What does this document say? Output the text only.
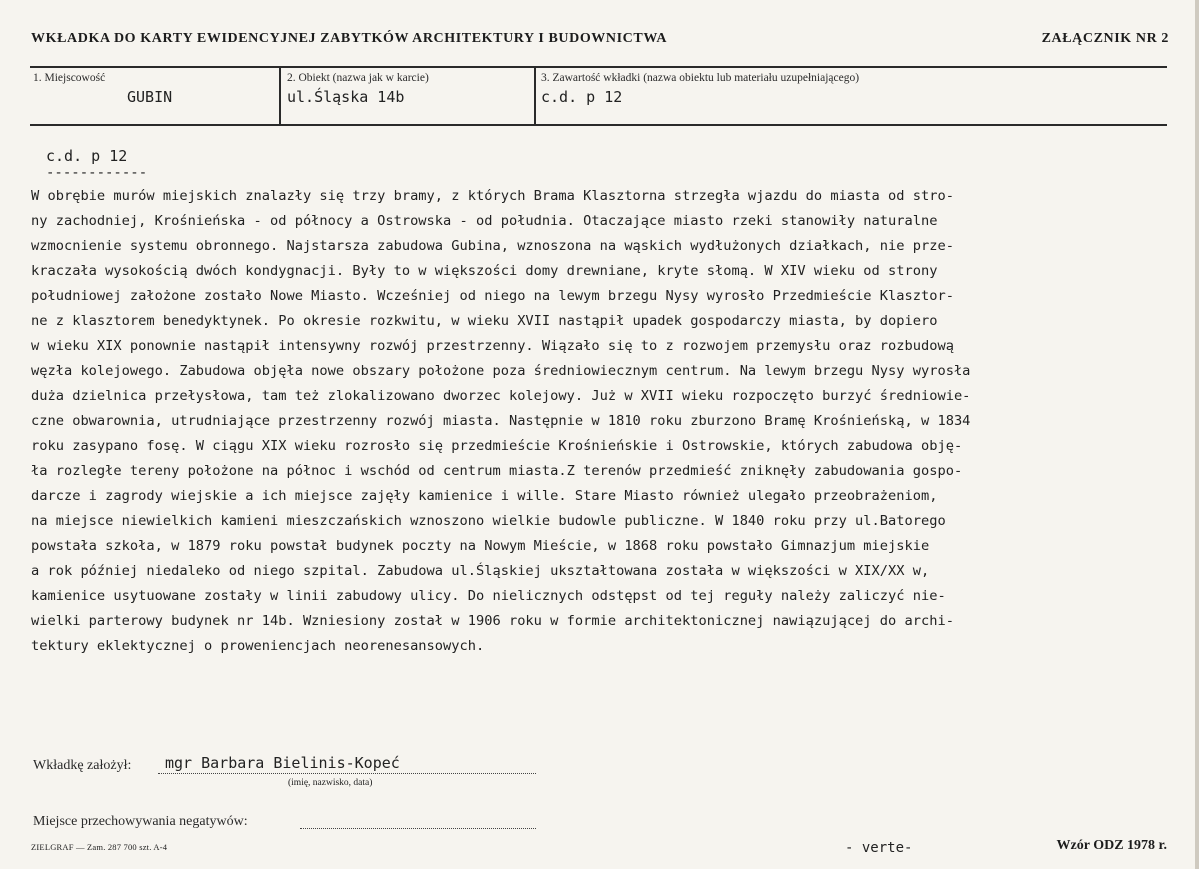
WKŁADKA DO KARTY EWIDENCYJNEJ ZABYTKÓW ARCHITEKTURY I BUDOWNICTWA	ZAŁĄCZNIK NR 2
1. Miejscowość	2. Obiekt (nazwa jak w karcie)	3. Zawartość wkładki (nazwa obiektu lub materiału uzupełniającego)
GUBIN	ul.Śląska 14b	c.d. p 12
c.d. p 12
------------
W obrębie murów miejskich znalazły się trzy bramy, z których Brama Klasztorna strzegła wjazdu do miasta od stro-
ny zachodniej, Krośnieńska - od północy a Ostrowska - od południa. Otaczające miasto rzeki stanowiły naturalne
wzmocnienie systemu obronnego. Najstarsza zabudowa Gubina, wznoszona na wąskich wydłużonych działkach, nie prze-
kraczała wysokością dwóch kondygnacji. Były to w większości domy drewniane, kryte słomą. W XIV wieku od strony
południowej założone zostało Nowe Miasto. Wcześniej od niego na lewym brzegu Nysy wyrosło Przedmieście Klasztor-
ne z klasztorem benedyktynek. Po okresie rozkwitu, w wieku XVII nastąpił upadek gospodarczy miasta, by dopiero
w wieku XIX ponownie nastąpił intensywny rozwój przestrzenny. Wiązało się to z rozwojem przemysłu oraz rozbudową
węzła kolejowego. Zabudowa objęła nowe obszary położone poza średniowiecznym centrum. Na lewym brzegu Nysy wyrosła
duża dzielnica przełysłowa, tam też zlokalizowano dworzec kolejowy. Już w XVII wieku rozpoczęto burzyć średniowie-
czne obwarownia, utrudniające przestrzenny rozwój miasta. Następnie w 1810 roku zburzono Bramę Krośnieńską, w 1834
roku zasypano fosę. W ciągu XIX wieku rozrosło się przedmieście Krośnieńskie i Ostrowskie, których zabudowa obję-
ła rozległe tereny położone na północ i wschód od centrum miasta.Z terenów przedmieść zniknęły zabudowania gospo-
darcze i zagrody wiejskie a ich miejsce zajęły kamienice i wille. Stare Miasto również ulegało przeobrażeniom,
na miejsce niewielkich kamieni mieszczańskich wznoszono wielkie budowle publiczne. W 1840 roku przy ul.Batorego
powstała szkoła, w 1879 roku powstał budynek poczty na Nowym Mieście, w 1868 roku powstało Gimnazjum miejskie
a rok później niedaleko od niego szpital. Zabudowa ul.Śląskiej ukształtowana została w większości w XIX/XX w,
kamienice usytuowane zostały w linii zabudowy ulicy. Do nielicznych odstępst od tej reguły należy zaliczyć nie-
wielki parterowy budynek nr 14b. Wzniesiony został w 1906 roku w formie architektonicznej nawiązującej do archi-
tektury eklektycznej o proweniencjach neorenesansowych.
Wkładkę założył: mgr Barbara Bielinis-Kopeć
(imię, nazwisko, data)
Miejsce przechowywania negatywów:
ZIELGRAF — Zam. 287 700 szt. A-4	- verte-	Wzór ODZ 1978 r.
